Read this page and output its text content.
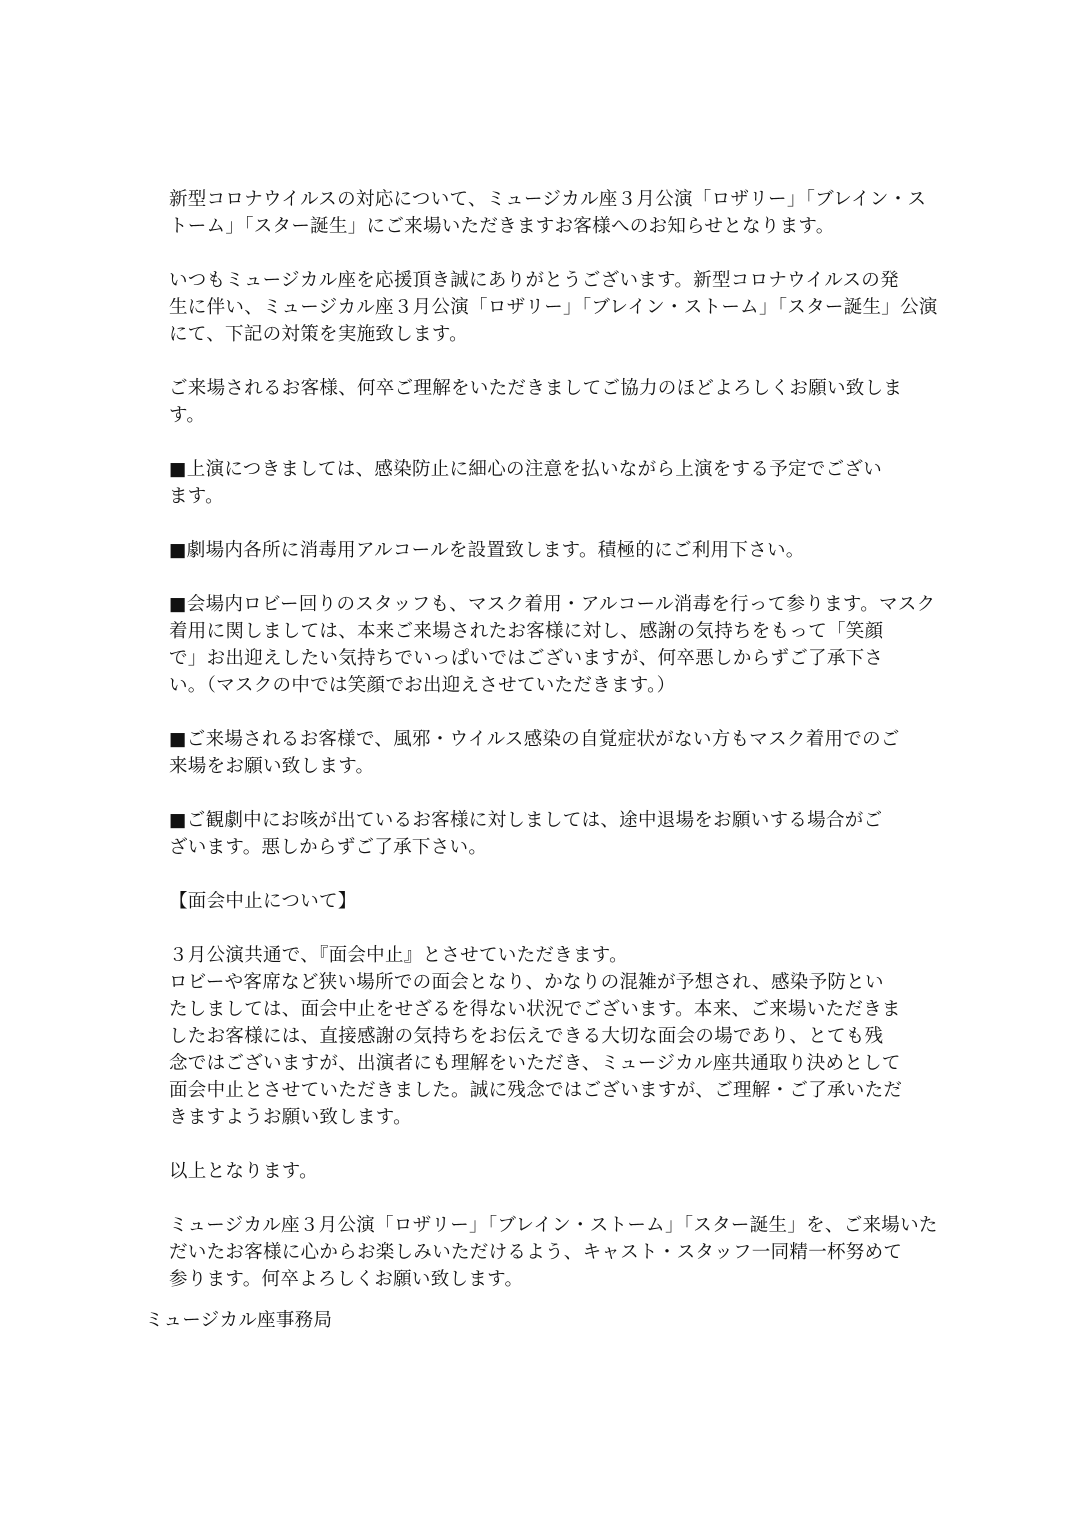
新型コロナウイルスの対応について、ミュージカル座３月公演「ロザリー」「ブレイン・ス
トーム」「スター誕生」にご来場いただきますお客様へのお知らせとなります。
いつもミュージカル座を応援頂き誠にありがとうございます。新型コロナウイルスの発
生に伴い、ミュージカル座３月公演「ロザリー」「ブレイン・ストーム」「スター誕生」公演
にて、下記の対策を実施致します。
ご来場されるお客様、何卒ご理解をいただきましてご協力のほどよろしくお願い致しま
す。
■上演につきましては、感染防止に細心の注意を払いながら上演をする予定でござい
ます。
■劇場内各所に消毒用アルコールを設置致します。積極的にご利用下さい。
■会場内ロビー回りのスタッフも、マスク着用・アルコール消毒を行って参ります。マスク
着用に関しましては、本来ご来場されたお客様に対し、感謝の気持ちをもって「笑顔
で」お出迎えしたい気持ちでいっぱいではございますが、何卒悪しからずご了承下さ
い。（マスクの中では笑顔でお出迎えさせていただきます。）
■ご来場されるお客様で、風邪・ウイルス感染の自覚症状がない方もマスク着用でのご
来場をお願い致します。
■ご観劇中にお咳が出ているお客様に対しましては、途中退場をお願いする場合がご
ざいます。悪しからずご了承下さい。
【面会中止について】
３月公演共通で、『面会中止』とさせていただきます。
ロビーや客席など狭い場所での面会となり、かなりの混雑が予想され、感染予防とい
たしましては、面会中止をせざるを得ない状況でございます。本来、ご来場いただきま
したお客様には、直接感謝の気持ちをお伝えできる大切な面会の場であり、とても残
念ではございますが、出演者にも理解をいただき、ミュージカル座共通取り決めとして
面会中止とさせていただきました。誠に残念ではございますが、ご理解・ご了承いただ
きますようお願い致します。
以上となります。
ミュージカル座３月公演「ロザリー」「ブレイン・ストーム」「スター誕生」を、ご来場いた
だいたお客様に心からお楽しみいただけるよう、キャスト・スタッフ一同精一杯努めて
参ります。何卒よろしくお願い致します。
ミュージカル座事務局
